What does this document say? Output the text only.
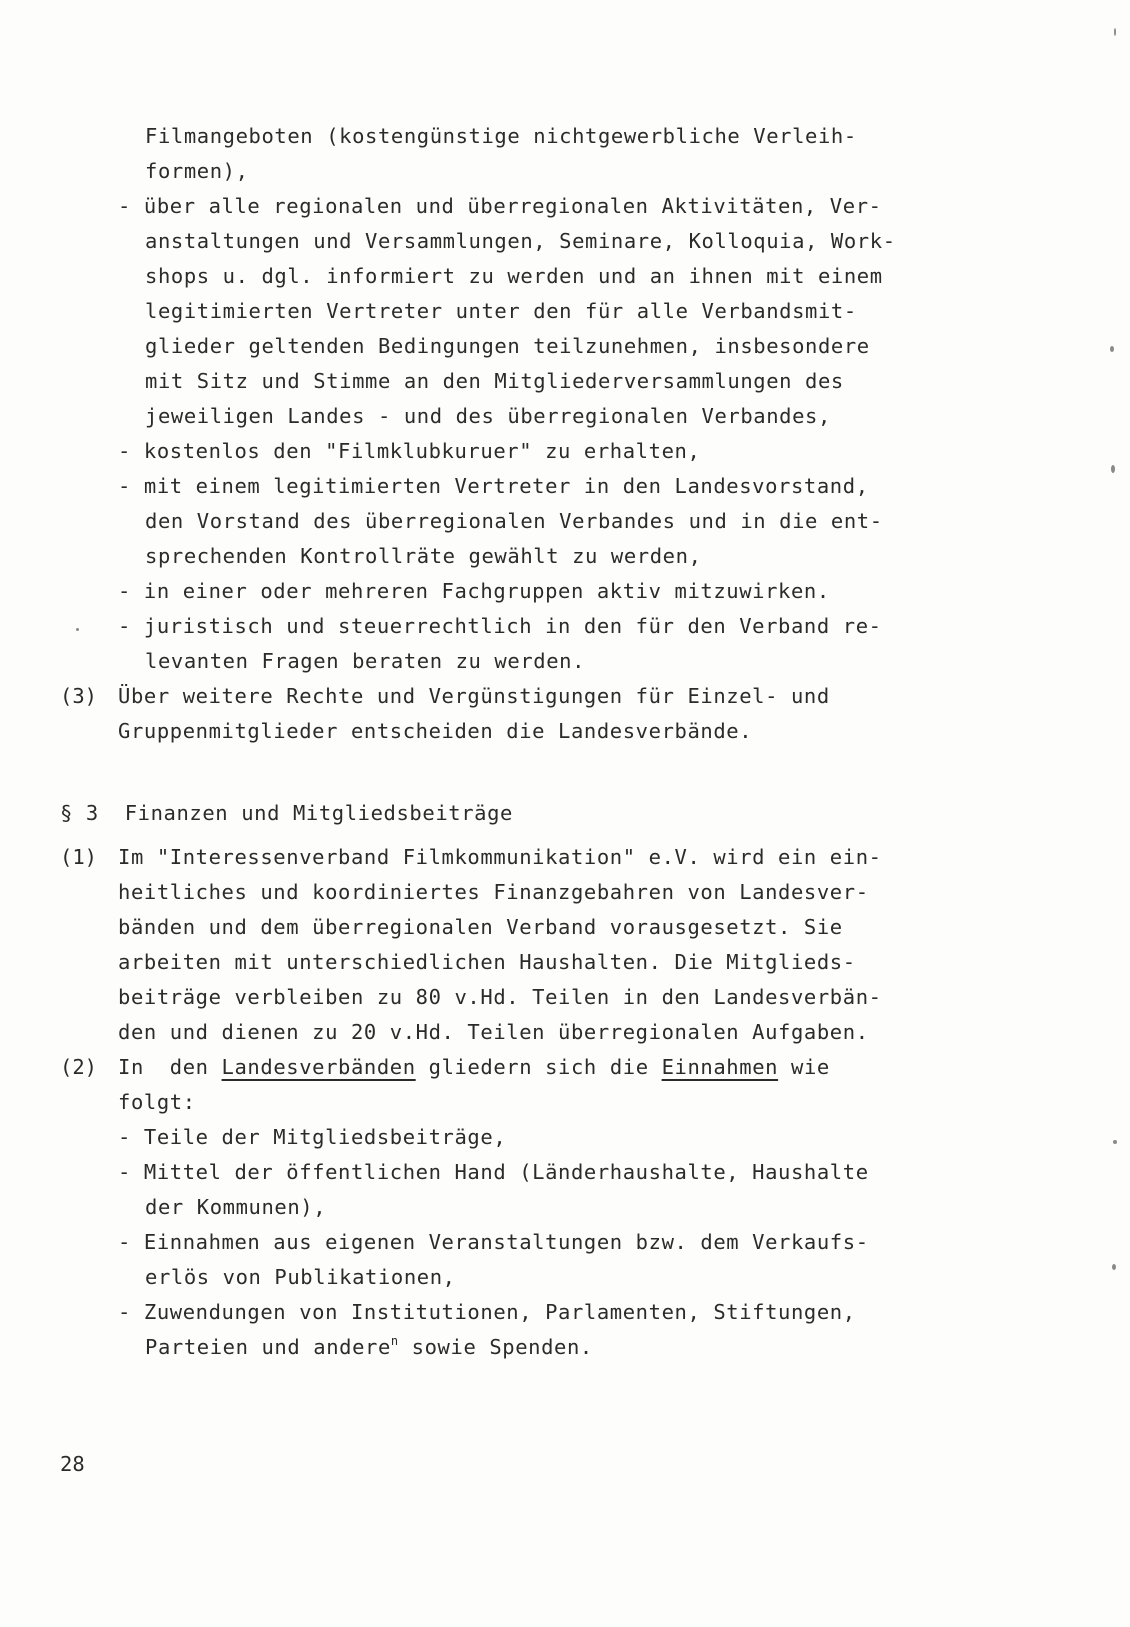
Filmangeboten (kostengünstige nichtgewerbliche Verleih-
formen),
- über alle regionalen und überregionalen Aktivitäten, Ver-
anstaltungen und Versammlungen, Seminare, Kolloquia, Work-
shops u. dgl. informiert zu werden und an ihnen mit einem
legitimierten Vertreter unter den für alle Verbandsmit-
glieder geltenden Bedingungen teilzunehmen, insbesondere
mit Sitz und Stimme an den Mitgliederversammlungen des
jeweiligen Landes - und des überregionalen Verbandes,
- kostenlos den "Filmklubkuruer" zu erhalten,
- mit einem legitimierten Vertreter in den Landesvorstand,
den Vorstand des überregionalen Verbandes und in die ent-
sprechenden Kontrollräte gewählt zu werden,
- in einer oder mehreren Fachgruppen aktiv mitzuwirken.
- juristisch und steuerrechtlich in den für den Verband re-
levanten Fragen beraten zu werden.
(3) Über weitere Rechte und Vergünstigungen für Einzel- und
Gruppenmitglieder entscheiden die Landesverbände.
§ 3  Finanzen und Mitgliedsbeiträge
(1) Im "Interessenverband Filmkommunikation" e.V. wird ein ein-
heitliches und koordiniertes Finanzgebahren von Landesver-
bänden und dem überregionalen Verband vorausgesetzt. Sie
arbeiten mit unterschiedlichen Haushalten. Die Mitglieds-
beiträge verbleiben zu 80 v.Hd. Teilen in den Landesverbän-
den und dienen zu 20 v.Hd. Teilen überregionalen Aufgaben.
(2) In  den Landesverbänden gliedern sich die Einnahmen wie
folgt:
- Teile der Mitgliedsbeiträge,
- Mittel der öffentlichen Hand (Länderhaushalte, Haushalte
der Kommunen),
- Einnahmen aus eigenen Veranstaltungen bzw. dem Verkaufs-
erlös von Publikationen,
- Zuwendungen von Institutionen, Parlamenten, Stiftungen,
Parteien und andere$^n$ sowie Spenden.
28
